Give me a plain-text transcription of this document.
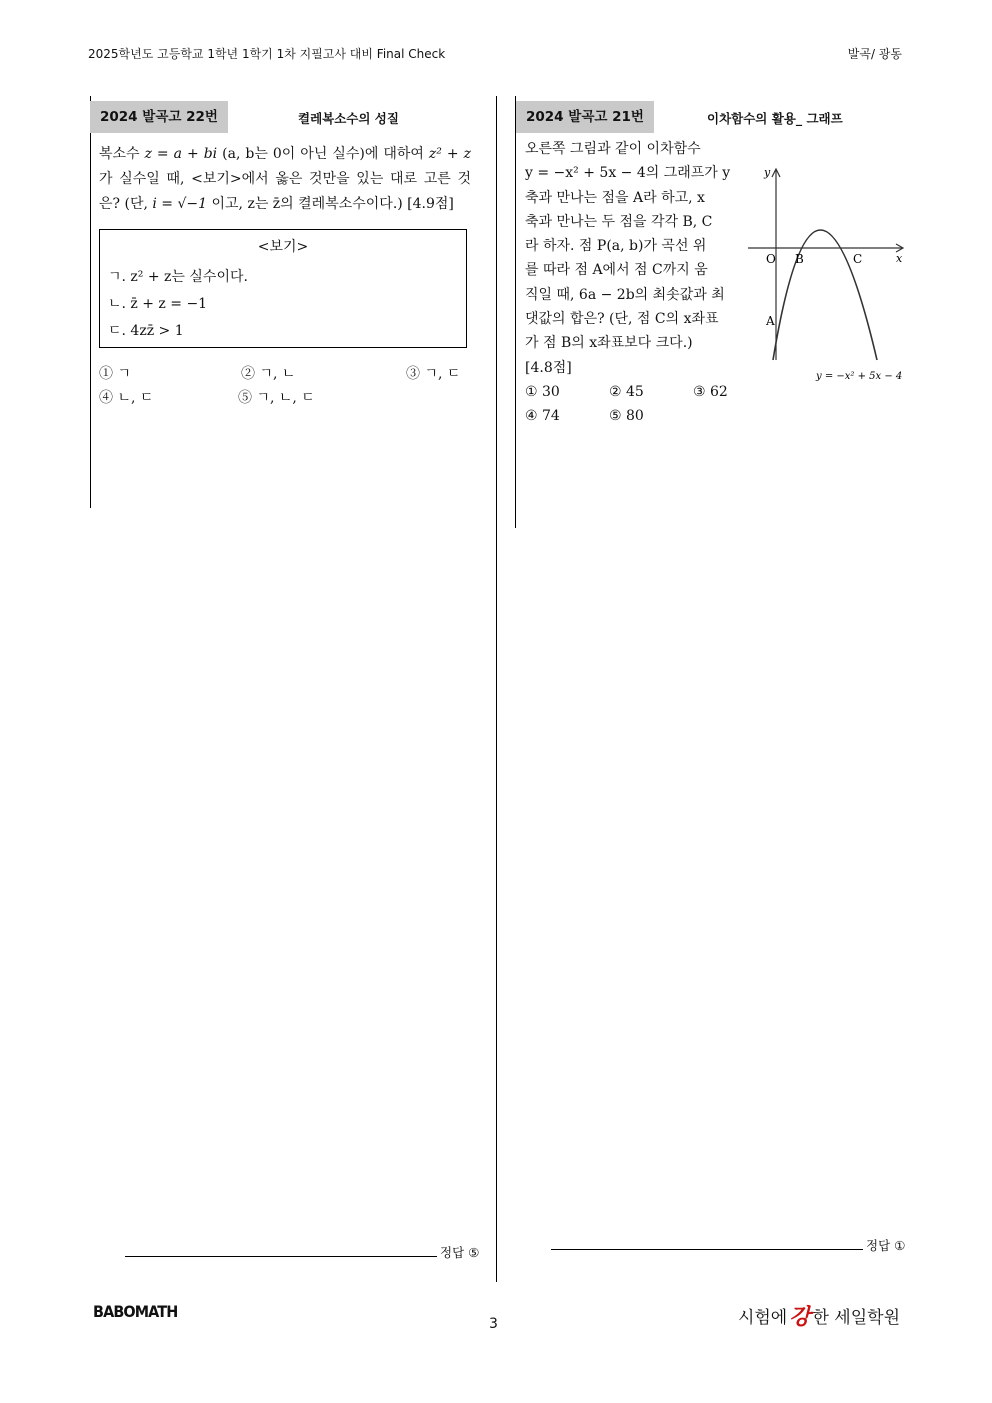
2025학년도 고등학교 1학년 1학기 1차 지필고사 대비 Final Check	발곡/ 광동
2024 발곡고 22번	켤레복소수의 성질
복소수 z = a + bi (a, b는 0이 아닌 실수)에 대하여 z² + z가 실수일 때, <보기>에서 옳은 것만을 있는 대로 고른 것은? (단, i = √−1 이고, z는 z̄의 켤레복소수이다.) [4.9점]
<보기>
ㄱ. z² + z는 실수이다.
ㄴ. z̄ + z = −1
ㄷ. 4zz̄ > 1
① ㄱ	② ㄱ, ㄴ	③ ㄱ, ㄷ
④ ㄴ, ㄷ	⑤ ㄱ, ㄴ, ㄷ
2024 발곡고 21번	이차함수의 활용_ 그래프
오른쪽 그림과 같이 이차함수
y = −x² + 5x − 4의 그래프가 y
축과 만나는 점을 A라 하고, x
축과 만나는 두 점을 각각 B, C
라 하자. 점 P(a, b)가 곡선 위
를 따라 점 A에서 점 C까지 움
직일 때, 6a − 2b의 최솟값과 최
댓값의 합은? (단, 점 C의 x좌표
가 점 B의 x좌표보다 크다.)
[4.8점]
① 30	② 45	③ 62
④ 74	⑤ 80
y
x
O B	C
A
y = −x² + 5x − 4
정답 ⑤	정답 ①
BABOMATH
3	시험에 강 한 세일학원
